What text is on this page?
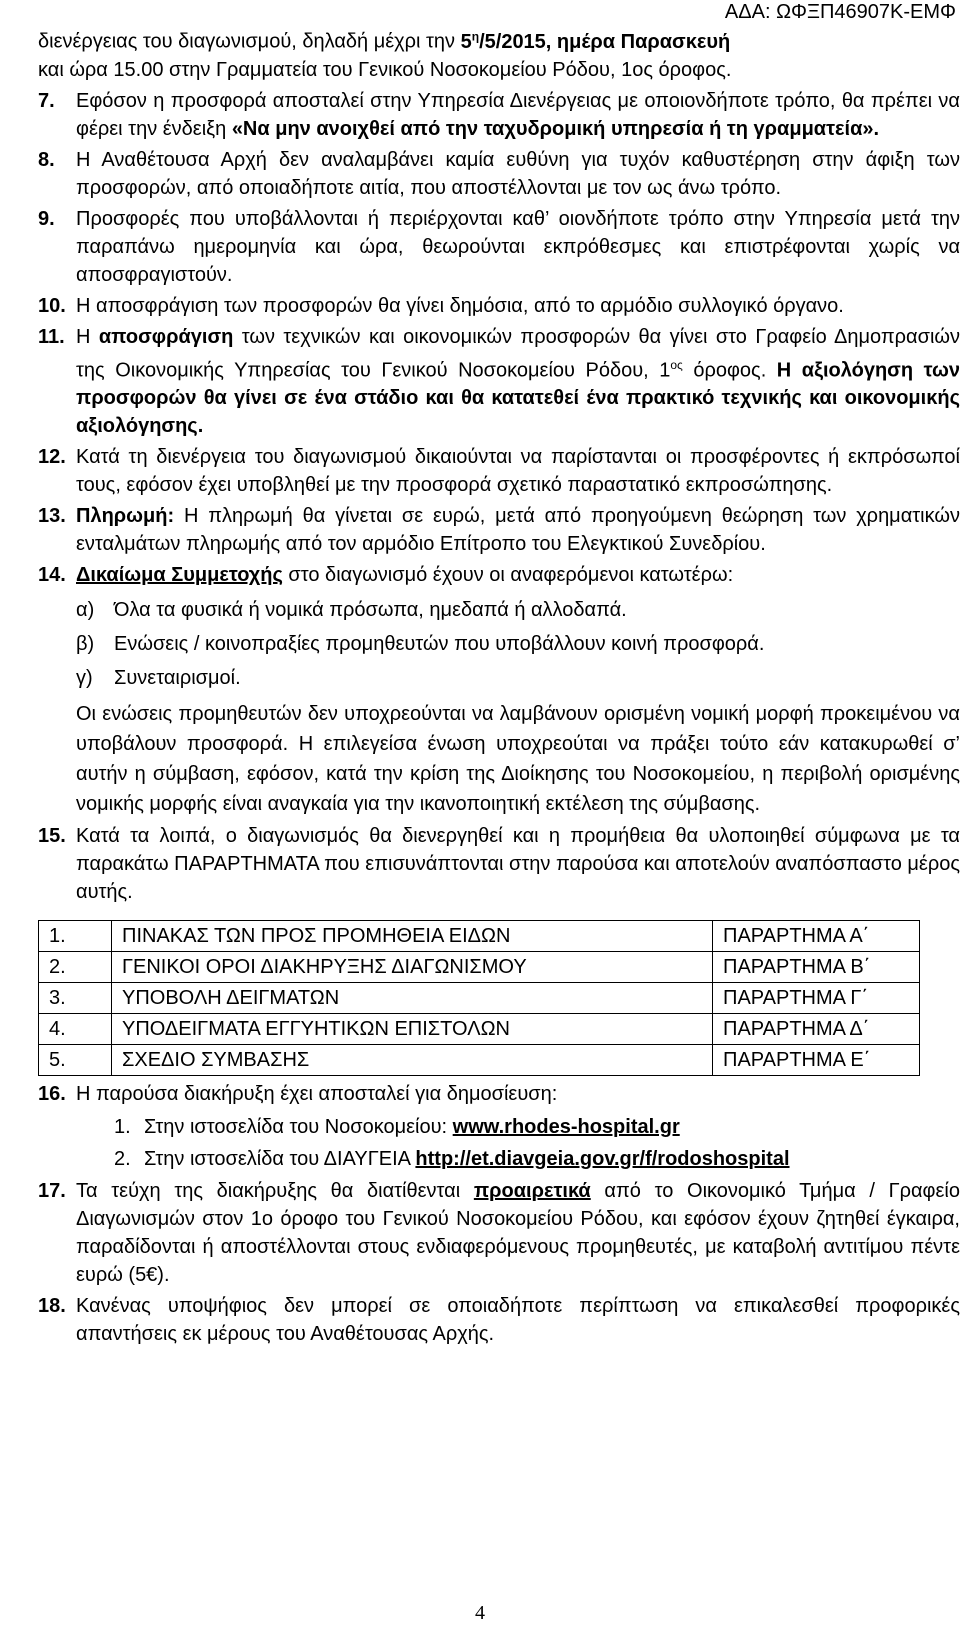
ΑΔΑ: ΩΦΞΠ46907Κ-ΕΜΦ

διενέργειας του διαγωνισμού, δηλαδή μέχρι την $5^\eta/5/2015$, ημέρα Παρασκευή
και ώρα 15.00 στην Γραμματεία του Γενικού Νοσοκομείου Ρόδου, 1ος όροφος.

7. Εφόσον η προσφορά αποσταλεί στην Υπηρεσία Διενέργειας με οποιονδήποτε τρόπο, θα πρέπει να φέρει την ένδειξη «Να μην ανοιχθεί από την ταχυδρομική υπηρεσία ή τη γραμματεία».

8. Η Αναθέτουσα Αρχή δεν αναλαμβάνει καμία ευθύνη για τυχόν καθυστέρηση στην άφιξη των προσφορών, από οποιαδήποτε αιτία, που αποστέλλονται με τον ως άνω τρόπο.

9. Προσφορές που υποβάλλονται ή περιέρχονται καθ’ οιονδήποτε τρόπο στην Υπηρεσία μετά την παραπάνω ημερομηνία και ώρα, θεωρούνται εκπρόθεσμες και επιστρέφονται χωρίς να αποσφραγιστούν.

10. Η αποσφράγιση των προσφορών θα γίνει δημόσια, από το αρμόδιο συλλογικό όργανο.

11. Η αποσφράγιση των τεχνικών και οικονομικών προσφορών θα γίνει στο Γραφείο Δημοπρασιών της Οικονομικής Υπηρεσίας του Γενικού Νοσοκομείου Ρόδου, $1^{o\varsigma}$ όροφος. Η αξιολόγηση των προσφορών θα γίνει σε ένα στάδιο και θα κατατεθεί ένα πρακτικό τεχνικής και οικονομικής αξιολόγησης.

12. Κατά τη διενέργεια του διαγωνισμού δικαιούνται να παρίστανται οι προσφέροντες ή εκπρόσωποί τους, εφόσον έχει υποβληθεί με την προσφορά σχετικό παραστατικό εκπροσώπησης.

13. Πληρωμή: Η πληρωμή θα γίνεται σε ευρώ, μετά από προηγούμενη θεώρηση των χρηματικών ενταλμάτων πληρωμής από τον αρμόδιο Επίτροπο του Ελεγκτικού Συνεδρίου.

14. Δικαίωμα Συμμετοχής στο διαγωνισμό έχουν οι αναφερόμενοι κατωτέρω:

α) Όλα τα φυσικά ή νομικά πρόσωπα, ημεδαπά ή αλλοδαπά.

β) Ενώσεις / κοινοπραξίες προμηθευτών που υποβάλλουν κοινή προσφορά.

γ) Συνεταιρισμοί.

Οι ενώσεις προμηθευτών δεν υποχρεούνται να λαμβάνουν ορισμένη νομική μορφή προκειμένου να υποβάλουν προσφορά. Η επιλεγείσα ένωση υποχρεούται να πράξει τούτο εάν κατακυρωθεί σ’ αυτήν η σύμβαση, εφόσον, κατά την κρίση της Διοίκησης του Νοσοκομείου, η περιβολή ορισμένης νομικής μορφής είναι αναγκαία για την ικανοποιητική εκτέλεση της σύμβασης.

15. Κατά τα λοιπά, ο διαγωνισμός θα διενεργηθεί και η προμήθεια θα υλοποιηθεί σύμφωνα με τα παρακάτω ΠΑΡΑΡΤΗΜΑΤΑ που επισυνάπτονται στην παρούσα και αποτελούν αναπόσπαστο μέρος αυτής.

1.	ΠΙΝΑΚΑΣ ΤΩΝ ΠΡΟΣ ΠΡΟΜΗΘΕΙΑ ΕΙΔΩΝ	ΠΑΡΑΡΤΗΜΑ Α΄
2.	ΓΕΝΙΚΟΙ ΟΡΟΙ ΔΙΑΚΗΡΥΞΗΣ ΔΙΑΓΩΝΙΣΜΟΥ	ΠΑΡΑΡΤΗΜΑ Β΄
3.	ΥΠΟΒΟΛΗ ΔΕΙΓΜΑΤΩΝ	ΠΑΡΑΡΤΗΜΑ Γ΄
4.	ΥΠΟΔΕΙΓΜΑΤΑ ΕΓΓΥΗΤΙΚΩΝ ΕΠΙΣΤΟΛΩΝ	ΠΑΡΑΡΤΗΜΑ Δ΄
5.	ΣΧΕΔΙΟ ΣΥΜΒΑΣΗΣ	ΠΑΡΑΡΤΗΜΑ Ε΄

16. Η παρούσα διακήρυξη έχει αποσταλεί για δημοσίευση:

1. Στην ιστοσελίδα του Νοσοκομείου: www.rhodes-hospital.gr

2. Στην ιστοσελίδα του ΔΙΑΥΓΕΙΑ http://et.diavgeia.gov.gr/f/rodoshospital

17. Τα τεύχη της διακήρυξης θα διατίθενται προαιρετικά από το Οικονομικό Τμήμα / Γραφείο Διαγωνισμών στον 1ο όροφο του Γενικού Νοσοκομείου Ρόδου, και εφόσον έχουν ζητηθεί έγκαιρα, παραδίδονται ή αποστέλλονται στους ενδιαφερόμενους προμηθευτές, με καταβολή αντιτίμου πέντε ευρώ (5€).

18. Κανένας υποψήφιος δεν μπορεί σε οποιαδήποτε περίπτωση να επικαλεσθεί προφορικές απαντήσεις εκ μέρους του Αναθέτουσας Αρχής.

4
